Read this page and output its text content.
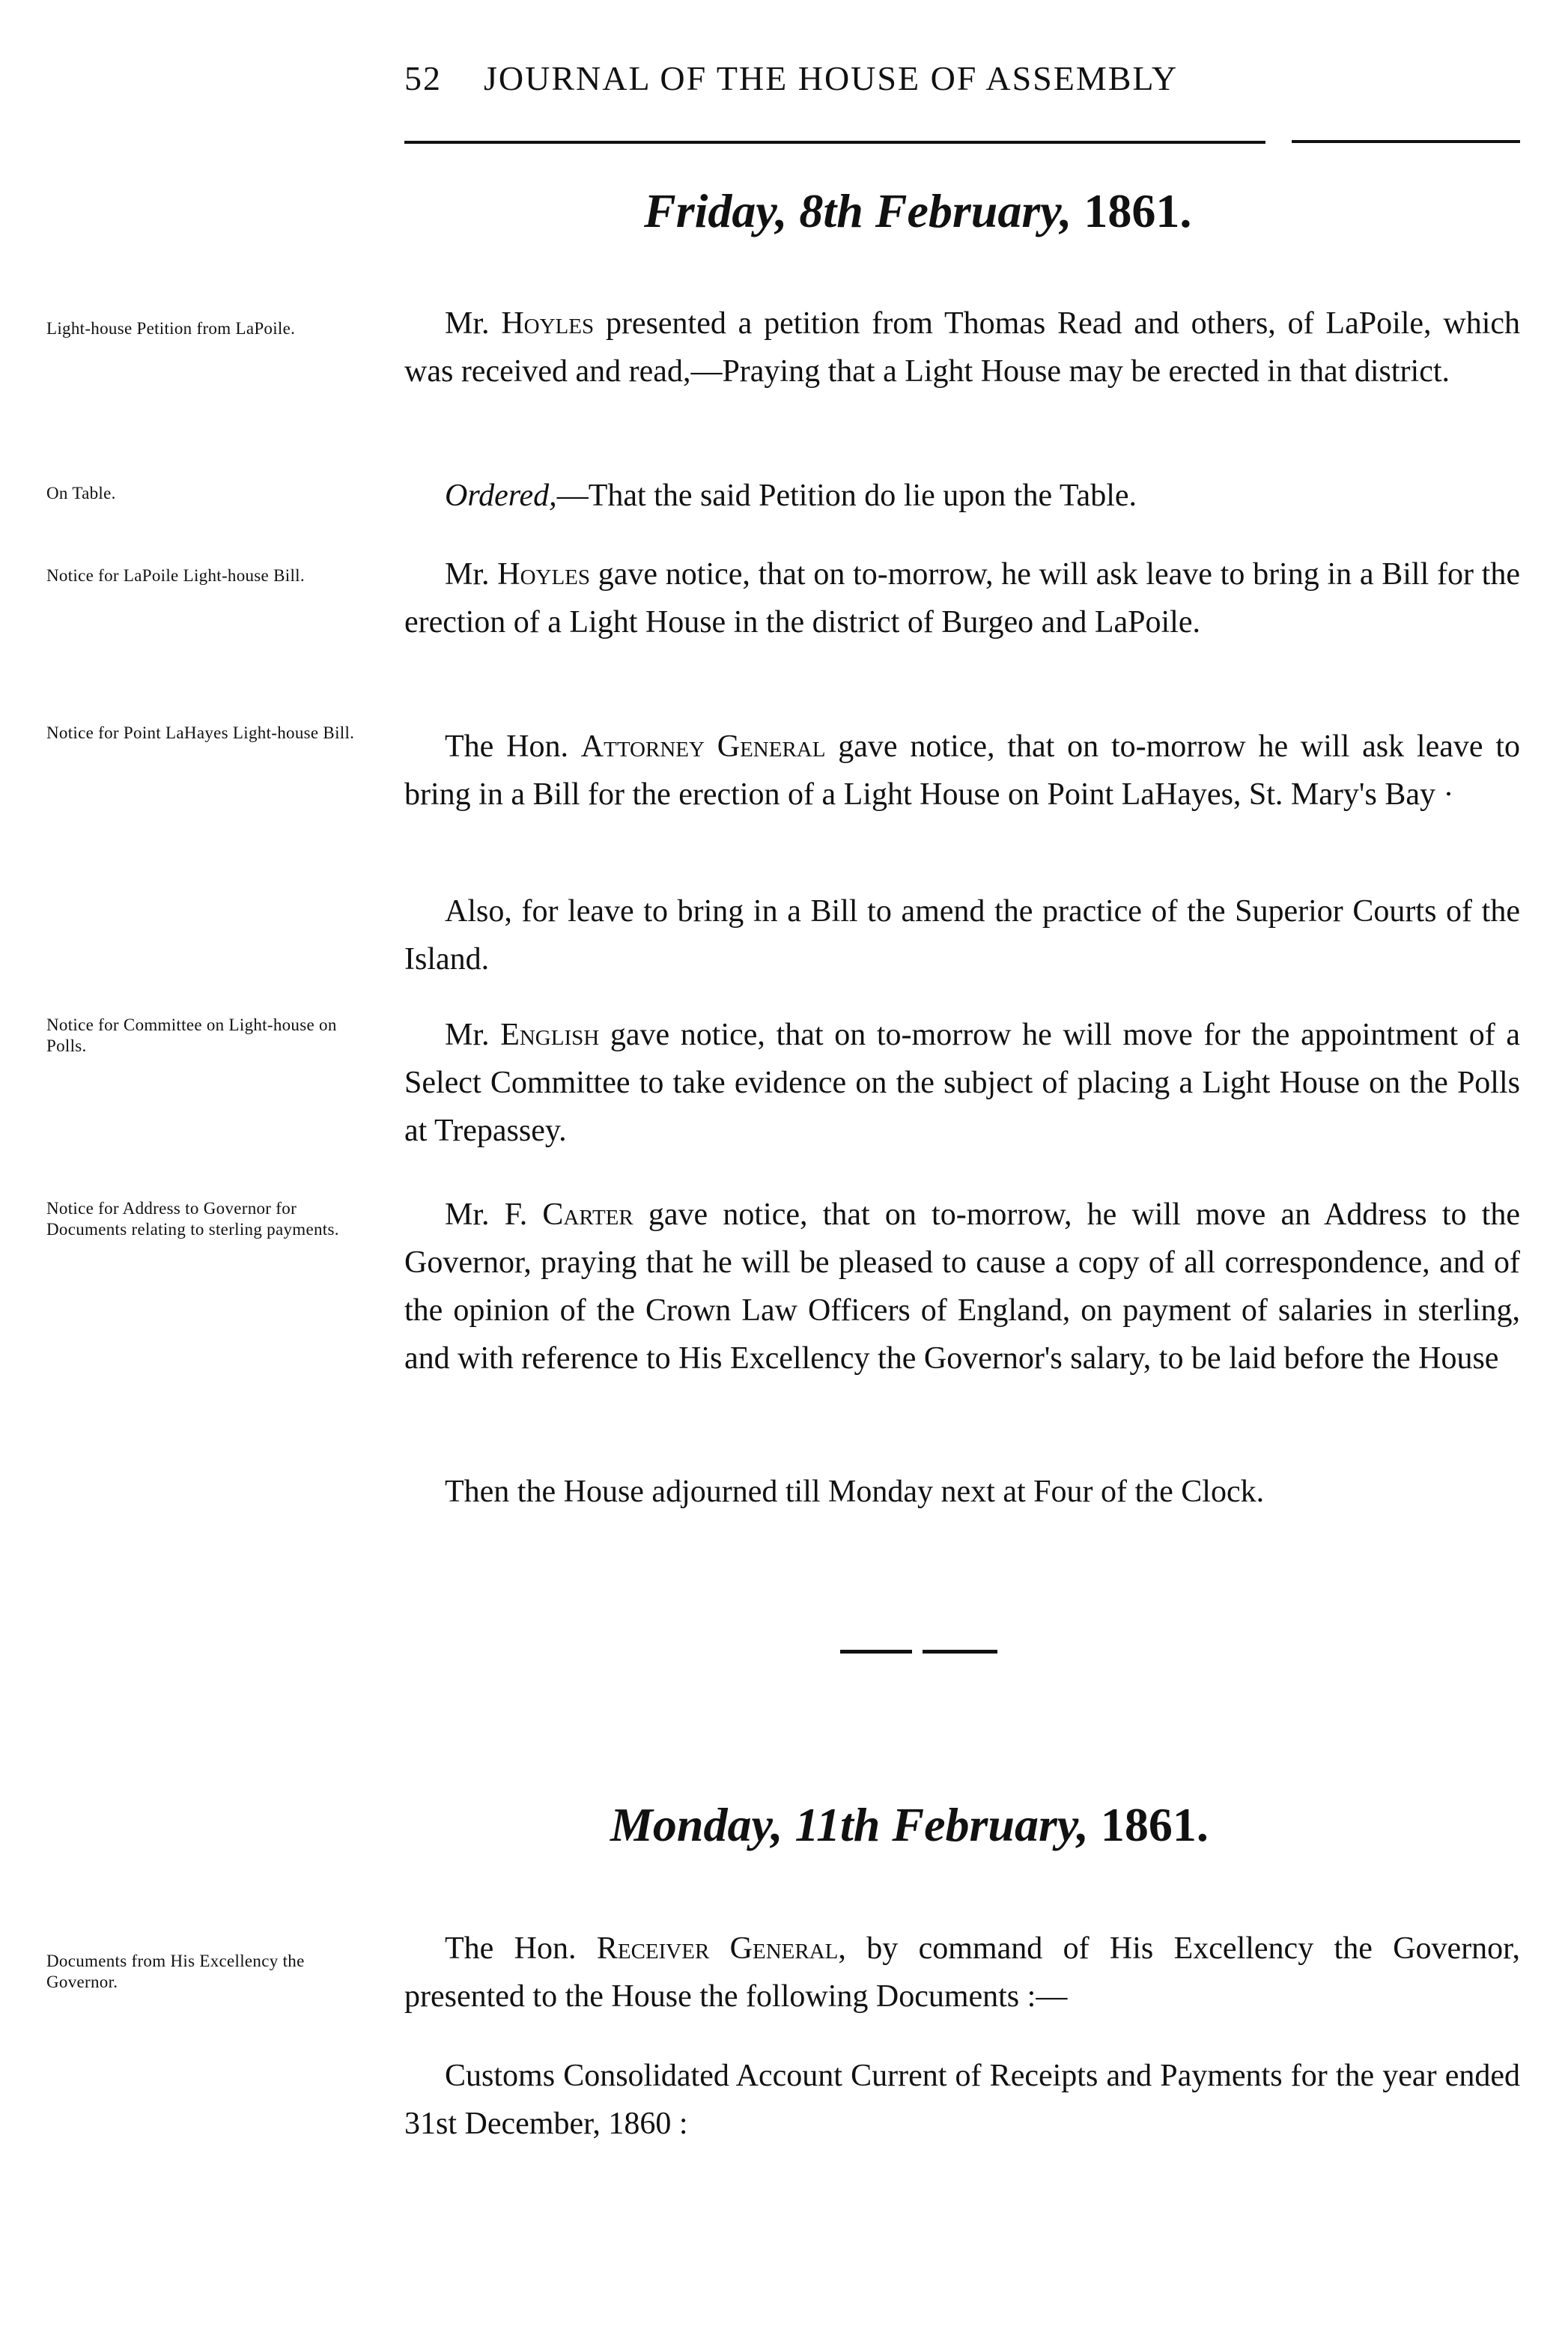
52 JOURNAL OF THE HOUSE OF ASSEMBLY
Friday, 8th February, 1861.
Light-house Petition from LaPoile.	Mr. Hoyles presented a petition from Thomas Read and others, of LaPoile, which was received and read,—Praying that a Light House may be erected in that district.

On Table.	Ordered,—That the said Petition do lie upon the Table.

Notice for LaPoile Light-house Bill.	Mr. Hoyles gave notice, that on to-morrow, he will ask leave to bring in a Bill for the erection of a Light House in the district of Burgeo and LaPoile.

Notice for Point LaHayes Light-house Bill.	The Hon. Attorney General gave notice, that on to-morrow he will ask leave to bring in a Bill for the erection of a Light House on Point LaHayes, St. Mary's Bay ·

Also, for leave to bring in a Bill to amend the practice of the Superior Courts of the Island.

Notice for Committee on Light-house on Polls.	Mr. English gave notice, that on to-morrow he will move for the appointment of a Select Committee to take evidence on the subject of placing a Light House on the Polls at Trepassey.

Notice for Address to Governor for Documents relating to sterling payments.	Mr. F. Carter gave notice, that on to-morrow, he will move an Address to the Governor, praying that he will be pleased to cause a copy of all correspondence, and of the opinion of the Crown Law Officers of England, on payment of salaries in sterling, and with reference to His Excellency the Governor's salary, to be laid before the House

Then the House adjourned till Monday next at Four of the Clock.

Monday, 11th February, 1861.
Documents from His Excellency the Governor.

The Hon. Receiver General, by command of His Excellency the Governor, presented to the House the following Documents :—

Customs Consolidated Account Current of Receipts and Payments for the year ended 31st December, 1860 :
